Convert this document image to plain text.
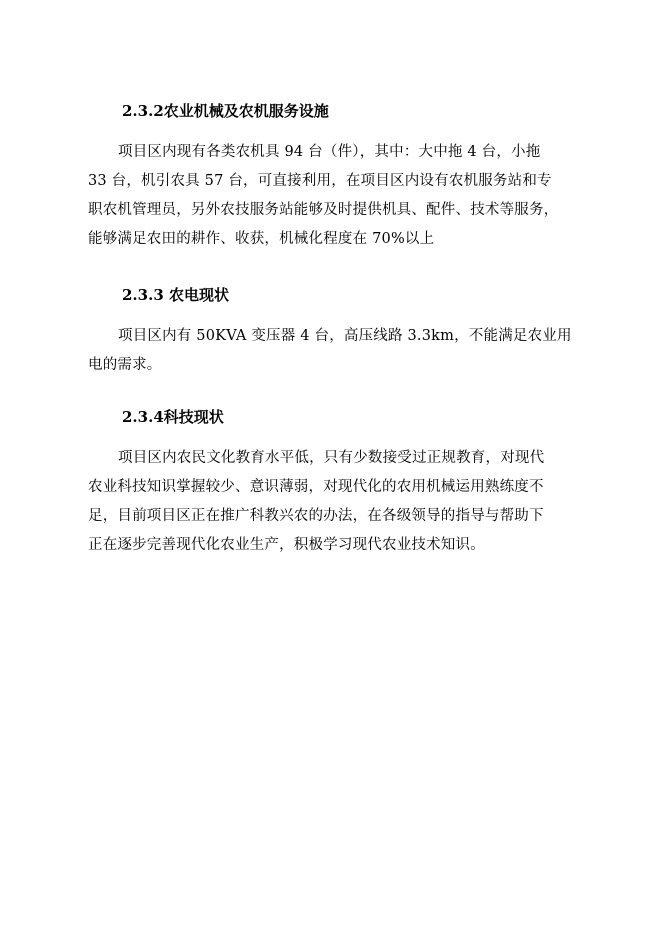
2.3.2农业机械及农机服务设施

项目区内现有各类农机具 94 台（件），其中：大中拖 4 台，小拖
33 台，机引农具 57 台，可直接利用，在项目区内设有农机服务站和专
职农机管理员，另外农技服务站能够及时提供机具、配件、技术等服务，
能够满足农田的耕作、收获，机械化程度在 70%以上

2.3.3 农电现状

项目区内有 50KVA 变压器 4 台，高压线路 3.3km，不能满足农业用
电的需求。

2.3.4科技现状

项目区内农民文化教育水平低，只有少数接受过正规教育，对现代
农业科技知识掌握较少、意识薄弱，对现代化的农用机械运用熟练度不
足，目前项目区正在推广科教兴农的办法，在各级领导的指导与帮助下
正在逐步完善现代化农业生产，积极学习现代农业技术知识。
